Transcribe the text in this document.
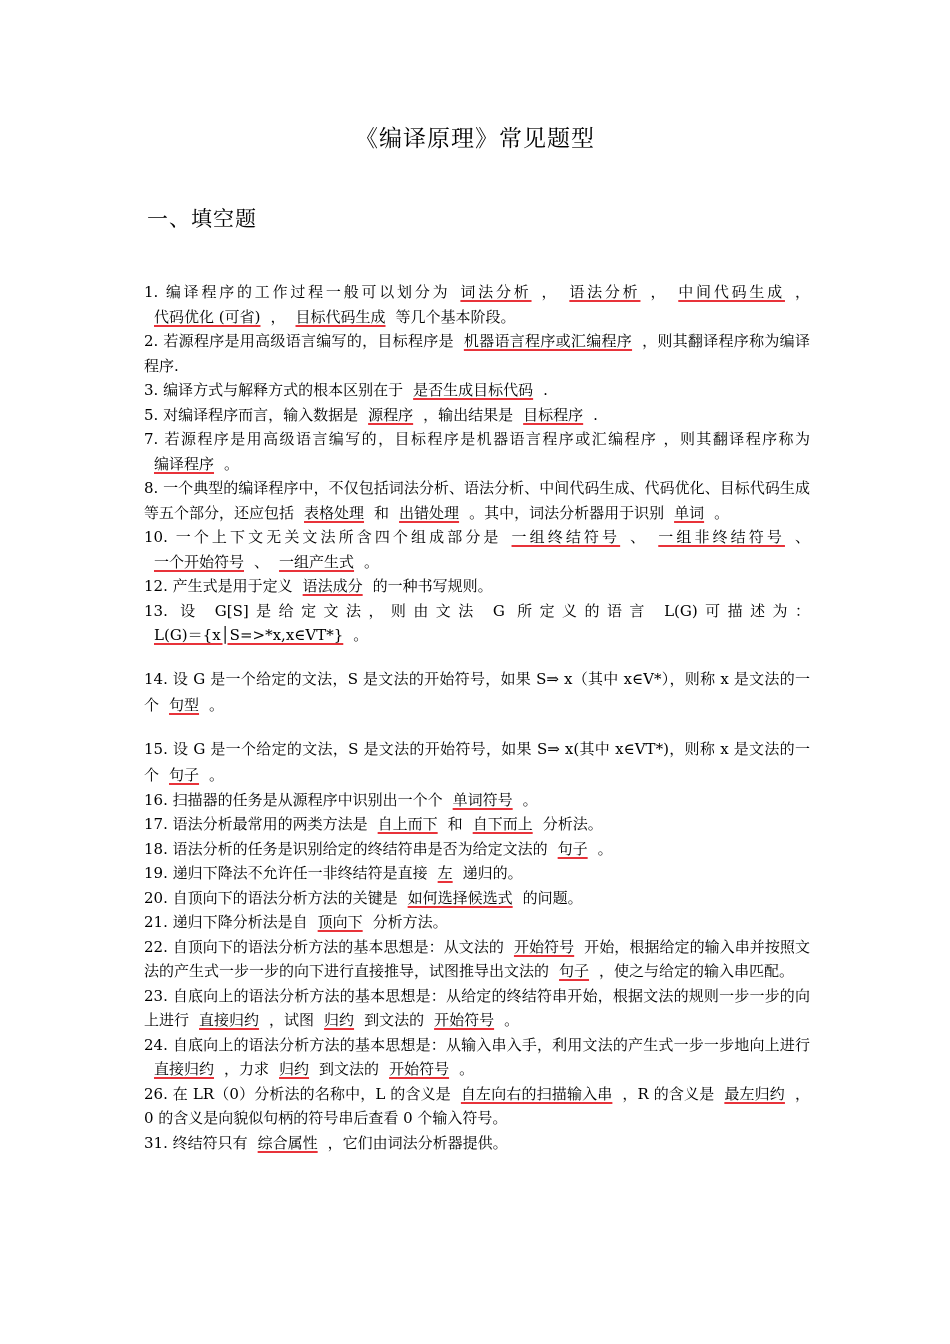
《编译原理》常见题型
一、填空题
1. 编译程序的工作过程一般可以划分为 词法分析 ， 语法分析 ， 中间代码生成 ，代码优化 (可省) ， 目标代码生成 等几个基本阶段。
2. 若源程序是用高级语言编写的，目标程序是 机器语言程序或汇编程序 ，则其翻译程序称为编译程序.
3. 编译方式与解释方式的根本区别在于 是否生成目标代码 .
5. 对编译程序而言，输入数据是 源程序 ，输出结果是 目标程序 .
7. 若源程序是用高级语言编写的，目标程序是机器语言程序或汇编程序 ，则其翻译程序称为编译程序 。
8. 一个典型的编译程序中，不仅包括词法分析、语法分析、中间代码生成、代码优化、目标代码生成等五个部分，还应包括 表格处理 和 出错处理 。其中，词法分析器用于识别 单词 。
10. 一个上下文无关文法所含四个组成部分是 一组终结符号 、 一组非终结符号 、一个开始符号 、 一组产生式 。
12. 产生式是用于定义 语法成分 的一种书写规则。
13. 设 G[S]是给定文法，则由文法 G 所定义的语言 L(G)可描述为：L(G)＝{x│S=>*x,x∈VT*} 。
14. 设 G 是一个给定的文法，S 是文法的开始符号，如果 S⇒ x（其中 x∈V*），则称 x 是文法的一个 句型 。
15. 设 G 是一个给定的文法，S 是文法的开始符号，如果 S⇒ x(其中 x∈VT*)，则称 x 是文法的一个 句子 。
16. 扫描器的任务是从源程序中识别出一个个 单词符号 。
17. 语法分析最常用的两类方法是 自上而下 和 自下而上 分析法。
18. 语法分析的任务是识别给定的终结符串是否为给定文法的 句子 。
19. 递归下降法不允许任一非终结符是直接 左 递归的。
20. 自顶向下的语法分析方法的关键是 如何选择候选式 的问题。
21. 递归下降分析法是自 顶向下 分析方法。
22. 自顶向下的语法分析方法的基本思想是：从文法的 开始符号 开始，根据给定的输入串并按照文法的产生式一步一步的向下进行直接推导，试图推导出文法的 句子 ，使之与给定的输入串匹配。
23. 自底向上的语法分析方法的基本思想是：从给定的终结符串开始，根据文法的规则一步一步的向上进行 直接归约 ，试图 归约 到文法的 开始符号 。
24. 自底向上的语法分析方法的基本思想是：从输入串入手，利用文法的产生式一步一步地向上进行直接归约 ，力求 归约 到文法的 开始符号 。
26. 在 LR（0）分析法的名称中，L 的含义是 自左向右的扫描输入串 ，R 的含义是 最左归约 ，0 的含义是向貌似句柄的符号串后查看 0 个输入符号。
31. 终结符只有 综合属性 ，它们由词法分析器提供。
